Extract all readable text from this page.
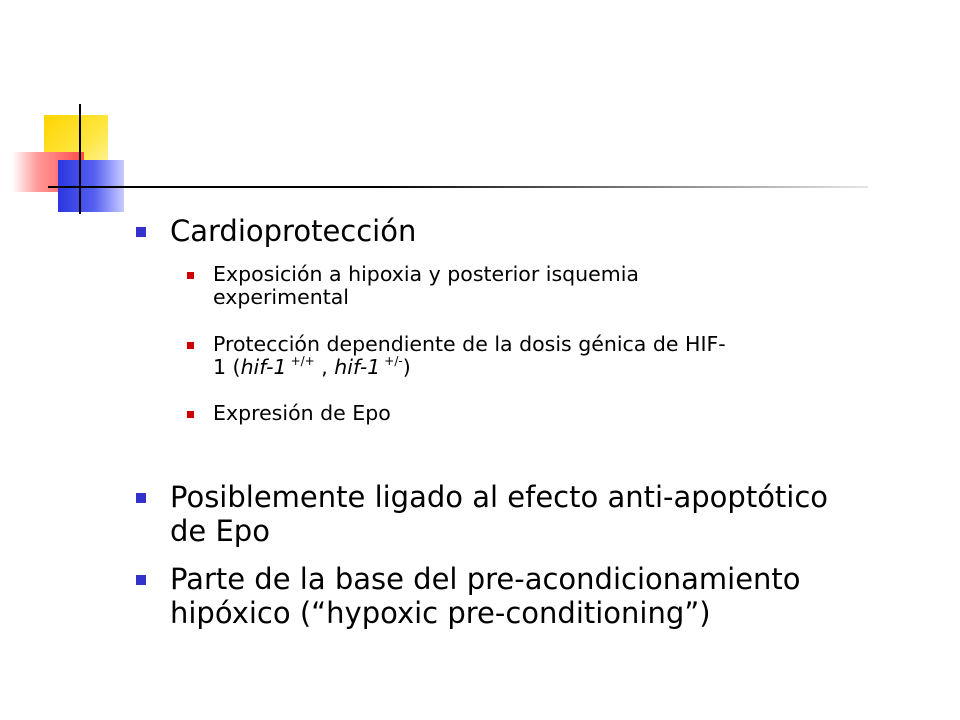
Cardioprotección
Exposición a hipoxia y posterior isquemia
experimental
Protección dependiente de la dosis génica de HIF-
1 (hif-1 +/+ , hif-1 +/-)
Expresión de Epo
Posiblemente ligado al efecto anti-apoptótico
de Epo
Parte de la base del pre-acondicionamiento
hipóxico (“hypoxic pre-conditioning”)
